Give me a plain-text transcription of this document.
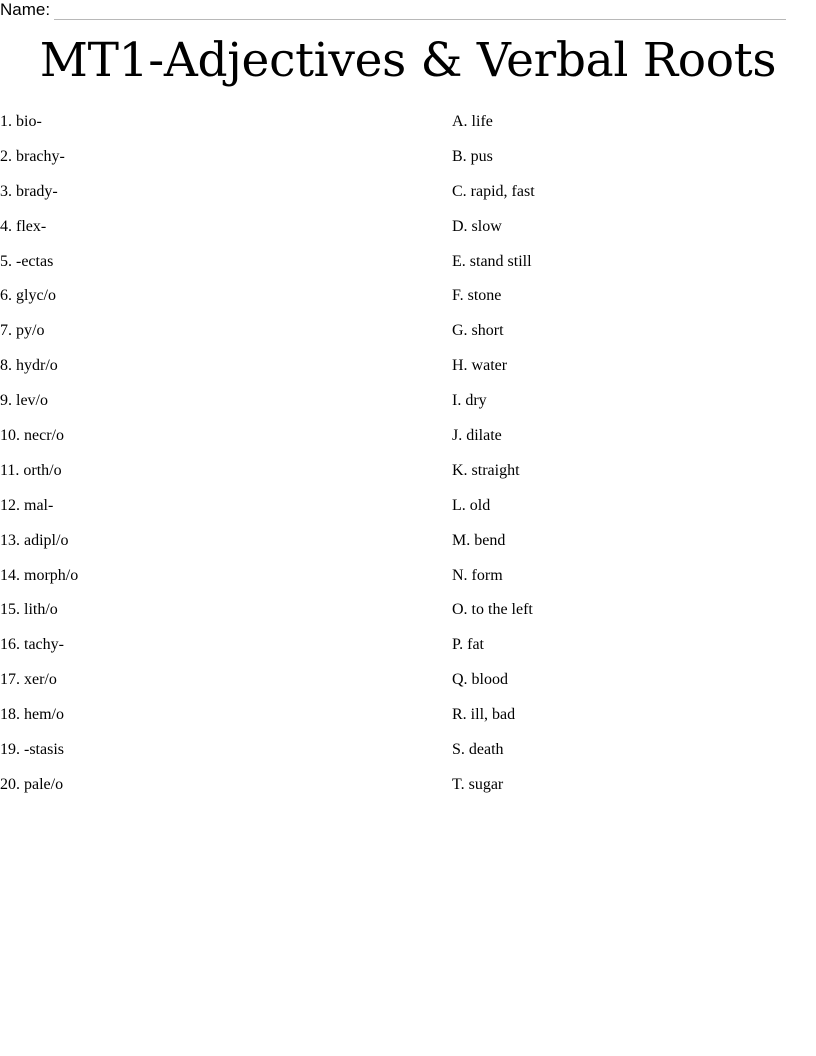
Name:
MT1-Adjectives & Verbal Roots
1. bio-
2. brachy-
3. brady-
4. flex-
5. -ectas
6. glyc/o
7. py/o
8. hydr/o
9. lev/o
10. necr/o
11. orth/o
12. mal-
13. adipl/o
14. morph/o
15. lith/o
16. tachy-
17. xer/o
18. hem/o
19. -stasis
20. pale/o
A. life
B. pus
C. rapid, fast
D. slow
E. stand still
F. stone
G. short
H. water
I. dry
J. dilate
K. straight
L. old
M. bend
N. form
O. to the left
P. fat
Q. blood
R. ill, bad
S. death
T. sugar
